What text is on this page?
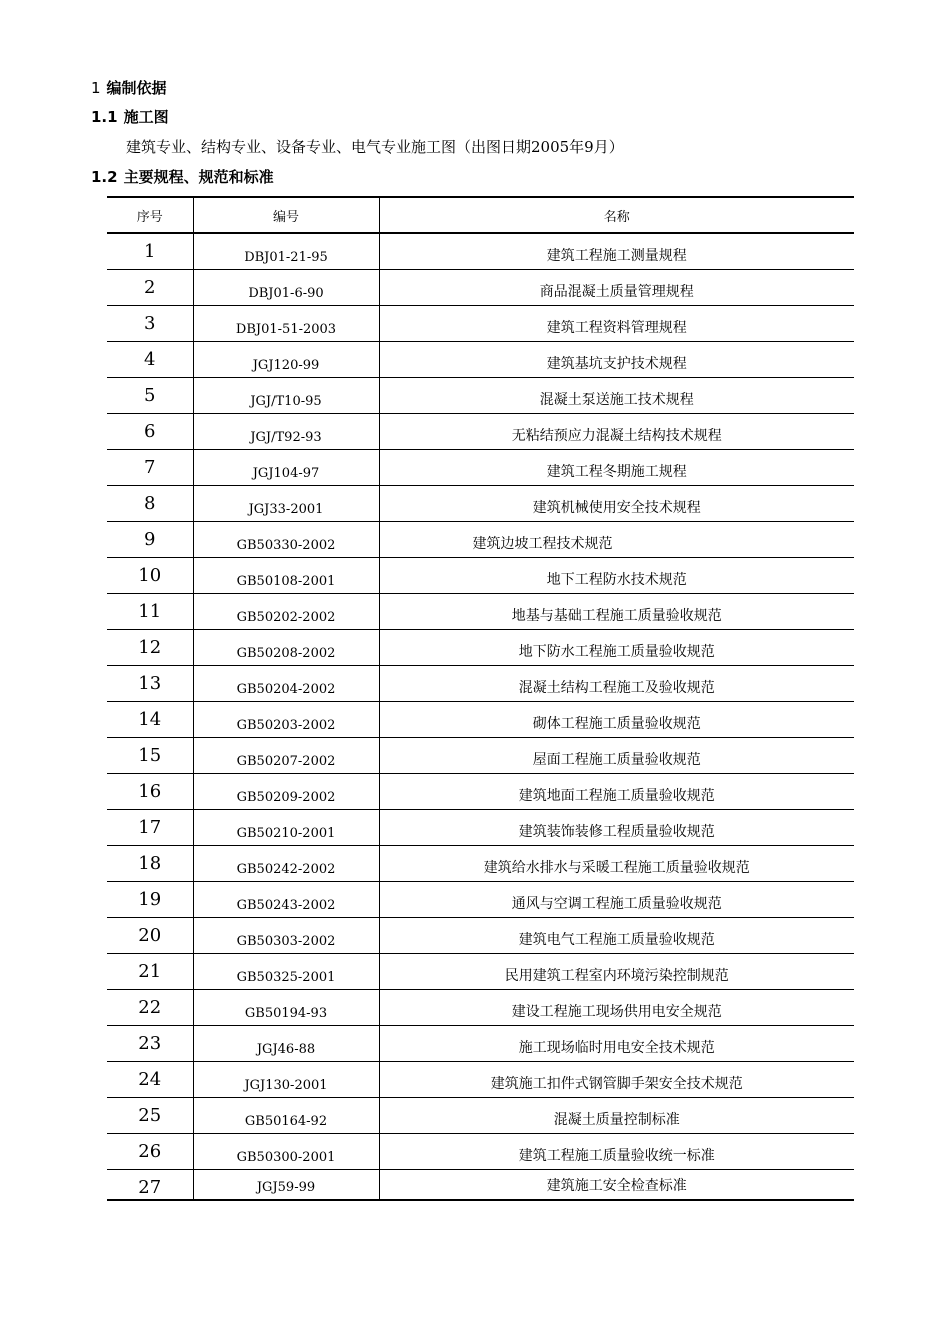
1 编制依据
1.1 施工图
建筑专业、结构专业、设备专业、电气专业施工图（出图日期2005年9月）
1.2 主要规程、规范和标准
序号	编号	名称
1	DBJ01-21-95	建筑工程施工测量规程
2	DBJ01-6-90	商品混凝土质量管理规程
3	DBJ01-51-2003	建筑工程资料管理规程
4	JGJ120-99	建筑基坑支护技术规程
5	JGJ/T10-95	混凝土泵送施工技术规程
6	JGJ/T92-93	无粘结预应力混凝土结构技术规程
7	JGJ104-97	建筑工程冬期施工规程
8	JGJ33-2001	建筑机械使用安全技术规程
9	GB50330-2002	建筑边坡工程技术规范
10	GB50108-2001	地下工程防水技术规范
11	GB50202-2002	地基与基础工程施工质量验收规范
12	GB50208-2002	地下防水工程施工质量验收规范
13	GB50204-2002	混凝土结构工程施工及验收规范
14	GB50203-2002	砌体工程施工质量验收规范
15	GB50207-2002	屋面工程施工质量验收规范
16	GB50209-2002	建筑地面工程施工质量验收规范
17	GB50210-2001	建筑装饰装修工程质量验收规范
18	GB50242-2002	建筑给水排水与采暖工程施工质量验收规范
19	GB50243-2002	通风与空调工程施工质量验收规范
20	GB50303-2002	建筑电气工程施工质量验收规范
21	GB50325-2001	民用建筑工程室内环境污染控制规范
22	GB50194-93	建设工程施工现场供用电安全规范
23	JGJ46-88	施工现场临时用电安全技术规范
24	JGJ130-2001	建筑施工扣件式钢管脚手架安全技术规范
25	GB50164-92	混凝土质量控制标准
26	GB50300-2001	建筑工程施工质量验收统一标准
27	JGJ59-99	建筑施工安全检查标准
